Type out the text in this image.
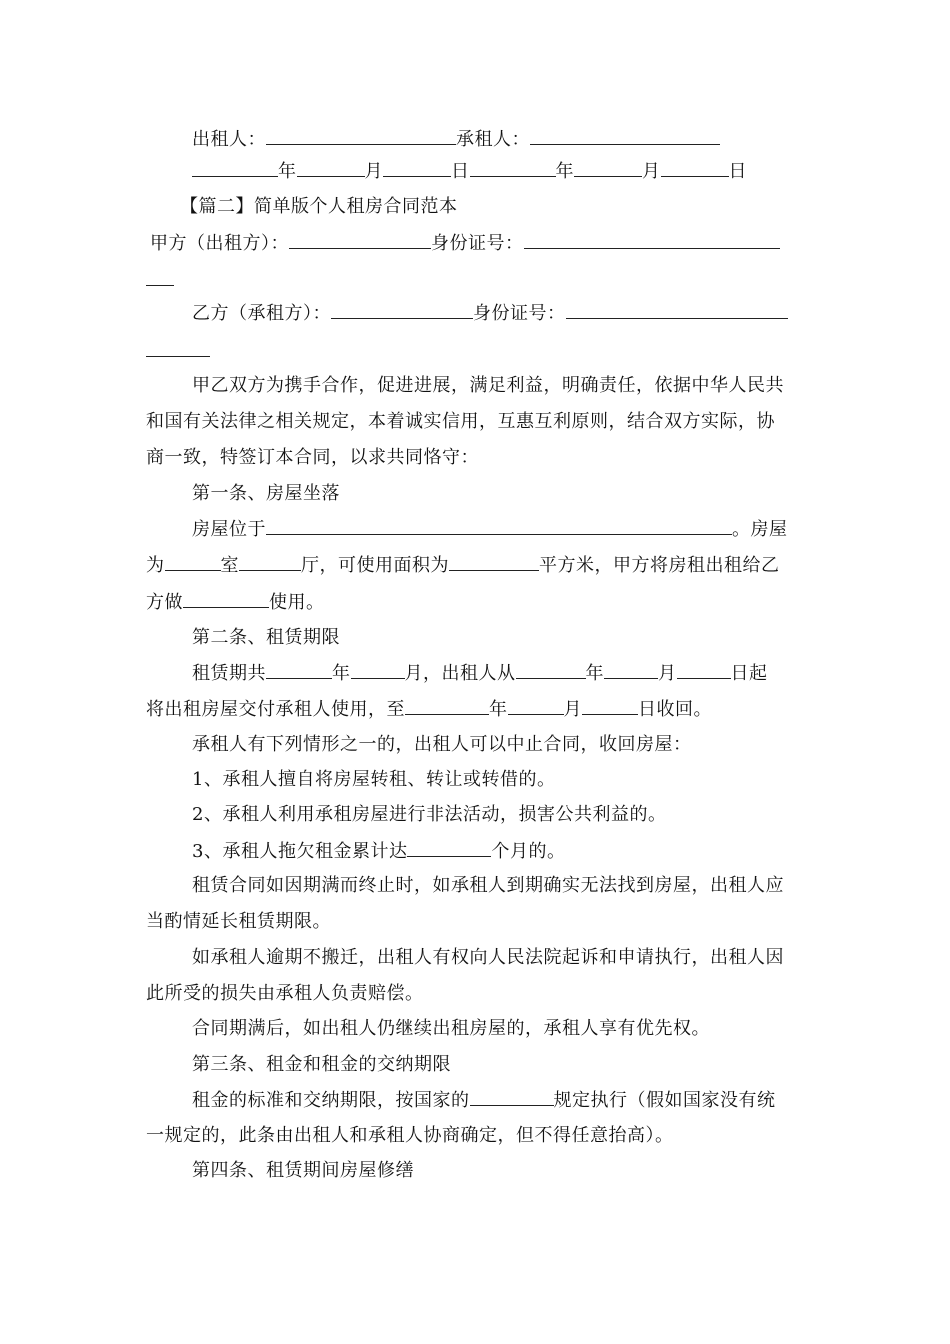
出租人：	承租人：
年	月	日	年	月	日
【篇二】简单版个人租房合同范本
甲方（出租方）：	身份证号：
乙方（承租方）：	身份证号：
甲乙双方为携手合作，促进进展，满足利益，明确责任，依据中华人民共
和国有关法律之相关规定，本着诚实信用，互惠互利原则，结合双方实际，协
商一致，特签订本合同，以求共同恪守：
第一条、房屋坐落
房屋位于	。房屋
为	室	厅，可使用面积为	平方米，甲方将房租出租给乙
方做	使用。
第二条、租赁期限
租赁期共	年	月，出租人从	年	月	日起
将出租房屋交付承租人使用，至	年	月	日收回。
承租人有下列情形之一的，出租人可以中止合同，收回房屋：
1、承租人擅自将房屋转租、转让或转借的。
2、承租人利用承租房屋进行非法活动，损害公共利益的。
3、承租人拖欠租金累计达	个月的。
租赁合同如因期满而终止时，如承租人到期确实无法找到房屋，出租人应
当酌情延长租赁期限。
如承租人逾期不搬迁，出租人有权向人民法院起诉和申请执行，出租人因
此所受的损失由承租人负责赔偿。
合同期满后，如出租人仍继续出租房屋的，承租人享有优先权。
第三条、租金和租金的交纳期限
租金的标准和交纳期限，按国家的	规定执行（假如国家没有统
一规定的，此条由出租人和承租人协商确定，但不得任意抬高）。
第四条、租赁期间房屋修缮
